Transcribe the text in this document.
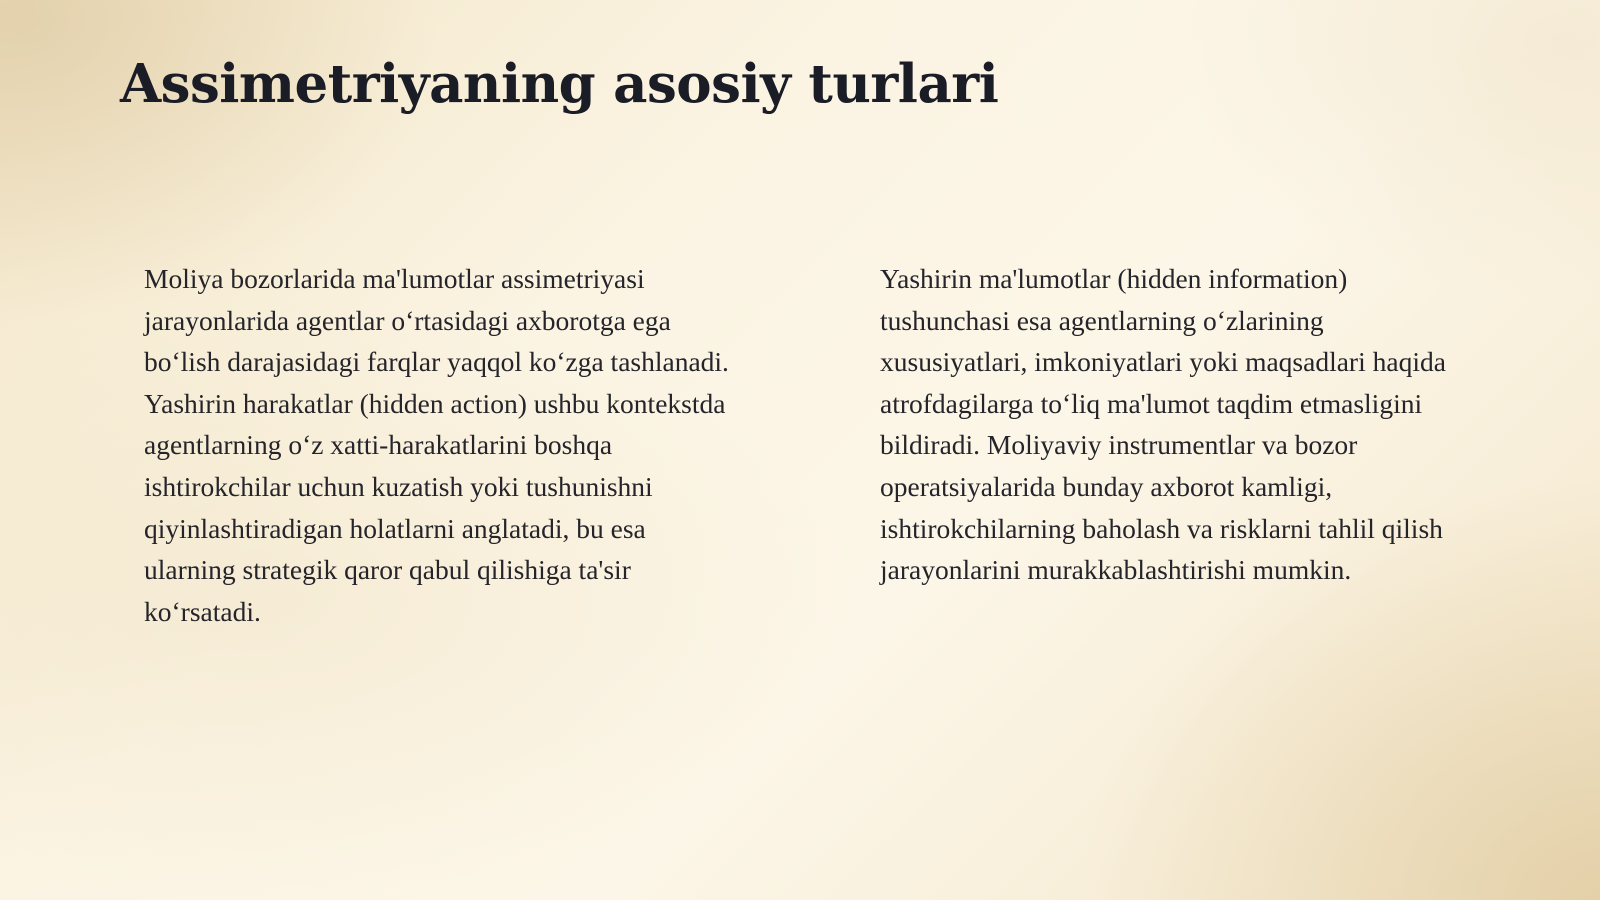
Assimetriyaning asosiy turlari

Moliya bozorlarida ma'lumotlar assimetriyasi jarayonlarida agentlar o‘rtasidagi axborotga ega bo‘lish darajasidagi farqlar yaqqol ko‘zga tashlanadi. Yashirin harakatlar (hidden action) ushbu kontekstda agentlarning o‘z xatti-harakatlarini boshqa ishtirokchilar uchun kuzatish yoki tushunishni qiyinlashtiradigan holatlarni anglatadi, bu esa ularning strategik qaror qabul qilishiga ta'sir ko‘rsatadi.

Yashirin ma'lumotlar (hidden information) tushunchasi esa agentlarning o‘zlarining xususiyatlari, imkoniyatlari yoki maqsadlari haqida atrofdagilarga to‘liq ma'lumot taqdim etmasligini bildiradi. Moliyaviy instrumentlar va bozor operatsiyalarida bunday axborot kamligi, ishtirokchilarning baholash va risklarni tahlil qilish jarayonlarini murakkablashtirishi mumkin.
